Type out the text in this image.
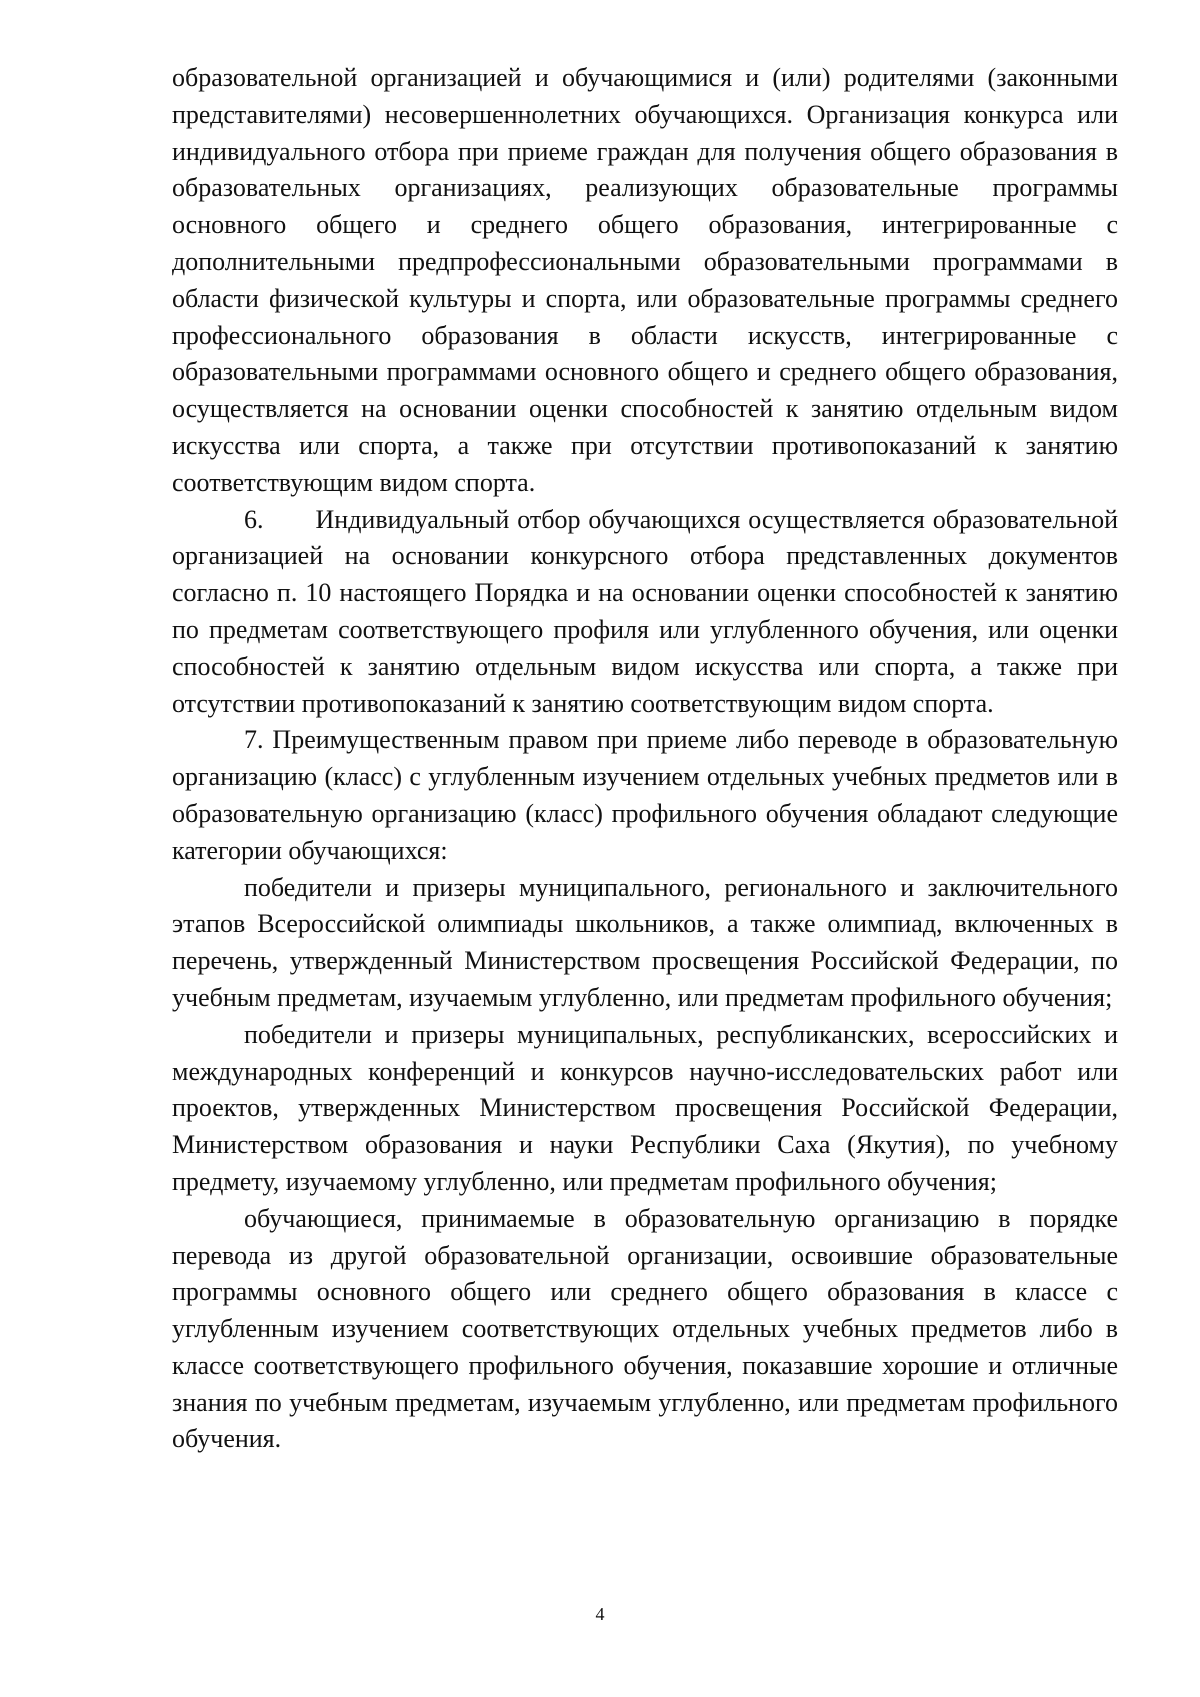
образовательной организацией и обучающимися и (или) родителями (законными представителями) несовершеннолетних обучающихся. Организация конкурса или индивидуального отбора при приеме граждан для получения общего образования в образовательных организациях, реализующих образовательные программы основного общего и среднего общего образования, интегрированные с дополнительными предпрофессиональными образовательными программами в области физической культуры и спорта, или образовательные программы среднего профессионального образования в области искусств, интегрированные с образовательными программами основного общего и среднего общего образования, осуществляется на основании оценки способностей к занятию отдельным видом искусства или спорта, а также при отсутствии противопоказаний к занятию соответствующим видом спорта.

6.  Индивидуальный отбор обучающихся осуществляется образовательной организацией на основании конкурсного отбора представленных документов согласно п. 10 настоящего Порядка и на основании оценки способностей к занятию по предметам соответствующего профиля или углубленного обучения, или оценки способностей к занятию отдельным видом искусства или спорта, а также при отсутствии противопоказаний к занятию соответствующим видом спорта.

7. Преимущественным правом при приеме либо переводе в образовательную организацию (класс) с углубленным изучением отдельных учебных предметов или в образовательную организацию (класс) профильного обучения обладают следующие категории обучающихся:

победители и призеры муниципального, регионального и заключительного этапов Всероссийской олимпиады школьников, а также олимпиад, включенных в перечень, утвержденный Министерством просвещения Российской Федерации, по учебным предметам, изучаемым углубленно, или предметам профильного обучения;

победители и призеры муниципальных, республиканских, всероссийских и международных конференций и конкурсов научно-исследовательских работ или проектов, утвержденных Министерством просвещения Российской Федерации, Министерством образования и науки Республики Саха (Якутия), по учебному предмету, изучаемому углубленно, или предметам профильного обучения;

обучающиеся, принимаемые в образовательную организацию в порядке перевода из другой образовательной организации, освоившие образовательные программы основного общего или среднего общего образования в классе с углубленным изучением соответствующих отдельных учебных предметов либо в классе соответствующего профильного обучения, показавшие хорошие и отличные знания по учебным предметам, изучаемым углубленно, или предметам профильного обучения.

4
